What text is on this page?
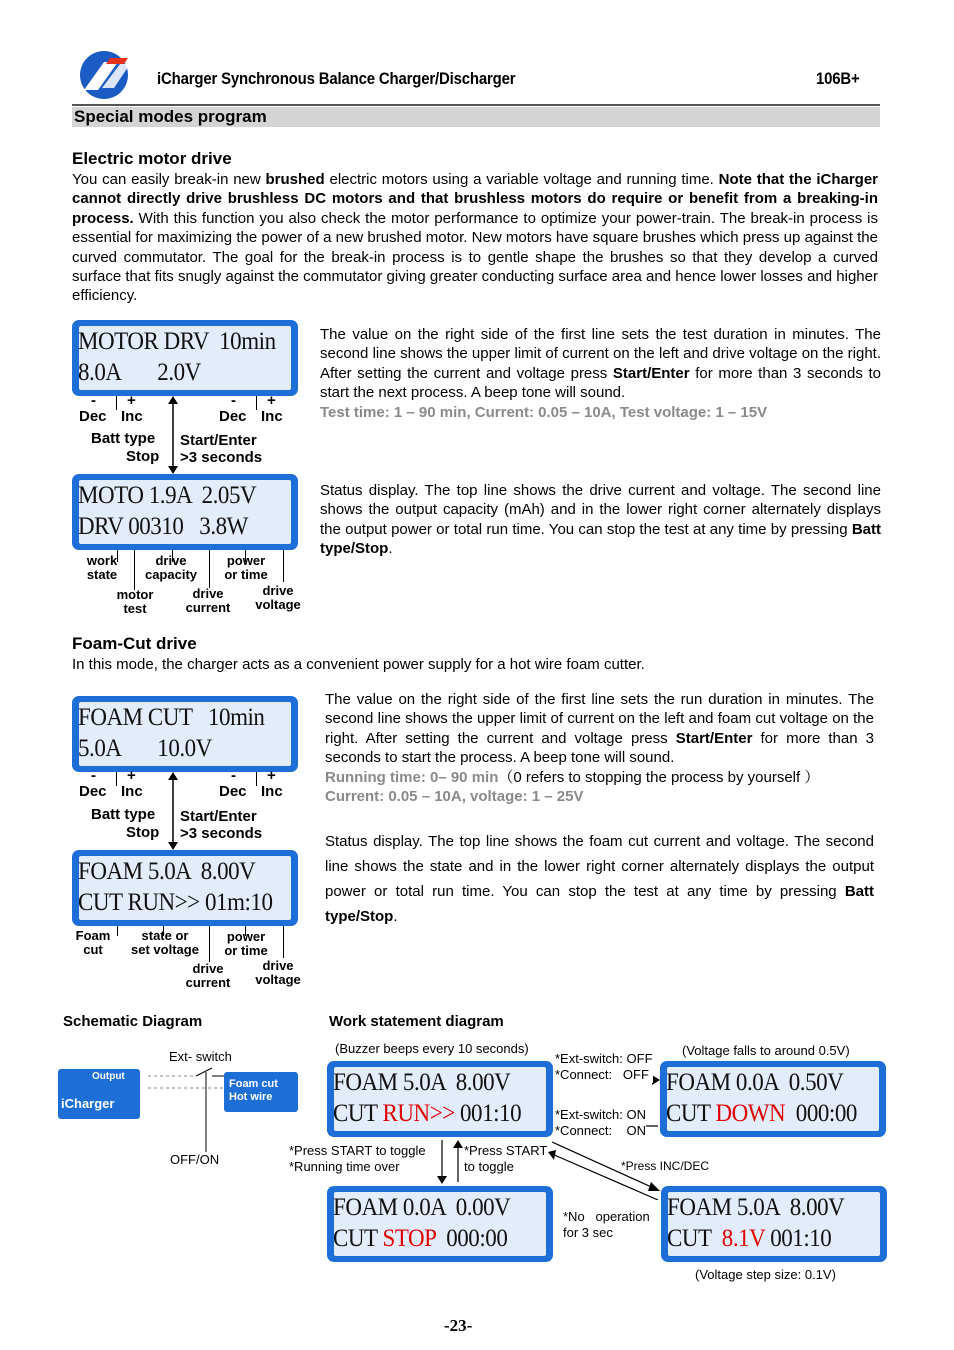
iCharger Synchronous Balance Charger/Discharger	106B+
Special modes program
Electric motor drive
You can easily break-in new brushed electric motors using a variable voltage and running time. Note that the iCharger cannot directly drive brushless DC motors and that brushless motors do require or benefit from a breaking-in process. With this function you also check the motor performance to optimize your power-train. The break-in process is essential for maximizing the power of a new brushed motor. New motors have square brushes which press up against the curved commutator. The goal for the break-in process is to gentle shape the brushes so that they develop a curved surface that fits snugly against the commutator giving greater conducting surface area and hence lower losses and higher efficiency.
MOTOR DRV  10min
8.0A       2.0V
- +	- +
Dec Inc	Dec Inc
Batt type
Stop
Start/Enter
>3 seconds
The value on the right side of the first line sets the test duration in minutes. The second line shows the upper limit of current on the left and drive voltage on the right. After setting the current and voltage press Start/Enter for more than 3 seconds to start the next process. A beep tone will sound.
Test time: 1 – 90 min, Current: 0.05 – 10A, Test voltage: 1 – 15V
MOTO 1.9A  2.05V
DRV 00310   3.8W
work
state
drive
capacity
power
or time
motor
test
drive
current
drive
voltage
Status display. The top line shows the drive current and voltage. The second line shows the output capacity (mAh) and in the lower right corner alternately displays the output power or total run time. You can stop the test at any time by pressing Batt type/Stop.
Foam-Cut drive
In this mode, the charger acts as a convenient power supply for a hot wire foam cutter.
FOAM CUT   10min
5.0A       10.0V
- +	- +
Dec Inc	Dec Inc
Batt type
Stop
Start/Enter
>3 seconds
The value on the right side of the first line sets the run duration in minutes. The second line shows the upper limit of current on the left and foam cut voltage on the right. After setting the current and voltage press Start/Enter for more than 3 seconds to start the process. A beep tone will sound.
Running time: 0– 90 min（0 refers to stopping the process by yourself ）
Current: 0.05 – 10A, voltage: 1 – 25V
FOAM 5.0A  8.00V
CUT RUN>> 01m:10
Foam
cut
state or
set voltage
power
or time
drive
current
drive
voltage
Status display. The top line shows the foam cut current and voltage. The second line shows the state and in the lower right corner alternately displays the output power or total run time. You can stop the test at any time by pressing Batt type/Stop.
Schematic Diagram
Output
iCharger
Foam cut
Hot wire
Ext- switch
OFF/ON
Work statement diagram
(Buzzer beeps every 10 seconds)	(Voltage falls to around 0.5V)
FOAM 5.0A  8.00V
CUT RUN>> 001:10
FOAM 0.0A  0.50V
CUT DOWN  000:00
FOAM 0.0A  0.00V
CUT STOP  000:00
FOAM 5.0A  8.00V
CUT  8.1V 001:10
*Ext-switch: OFF
*Connect:   OFF
*Ext-switch: ON
*Connect:    ON
*Press START to toggle
*Running time over
*Press START
to toggle	*Press INC/DEC
*No   operation
for 3 sec
(Voltage step size: 0.1V)
-23-
